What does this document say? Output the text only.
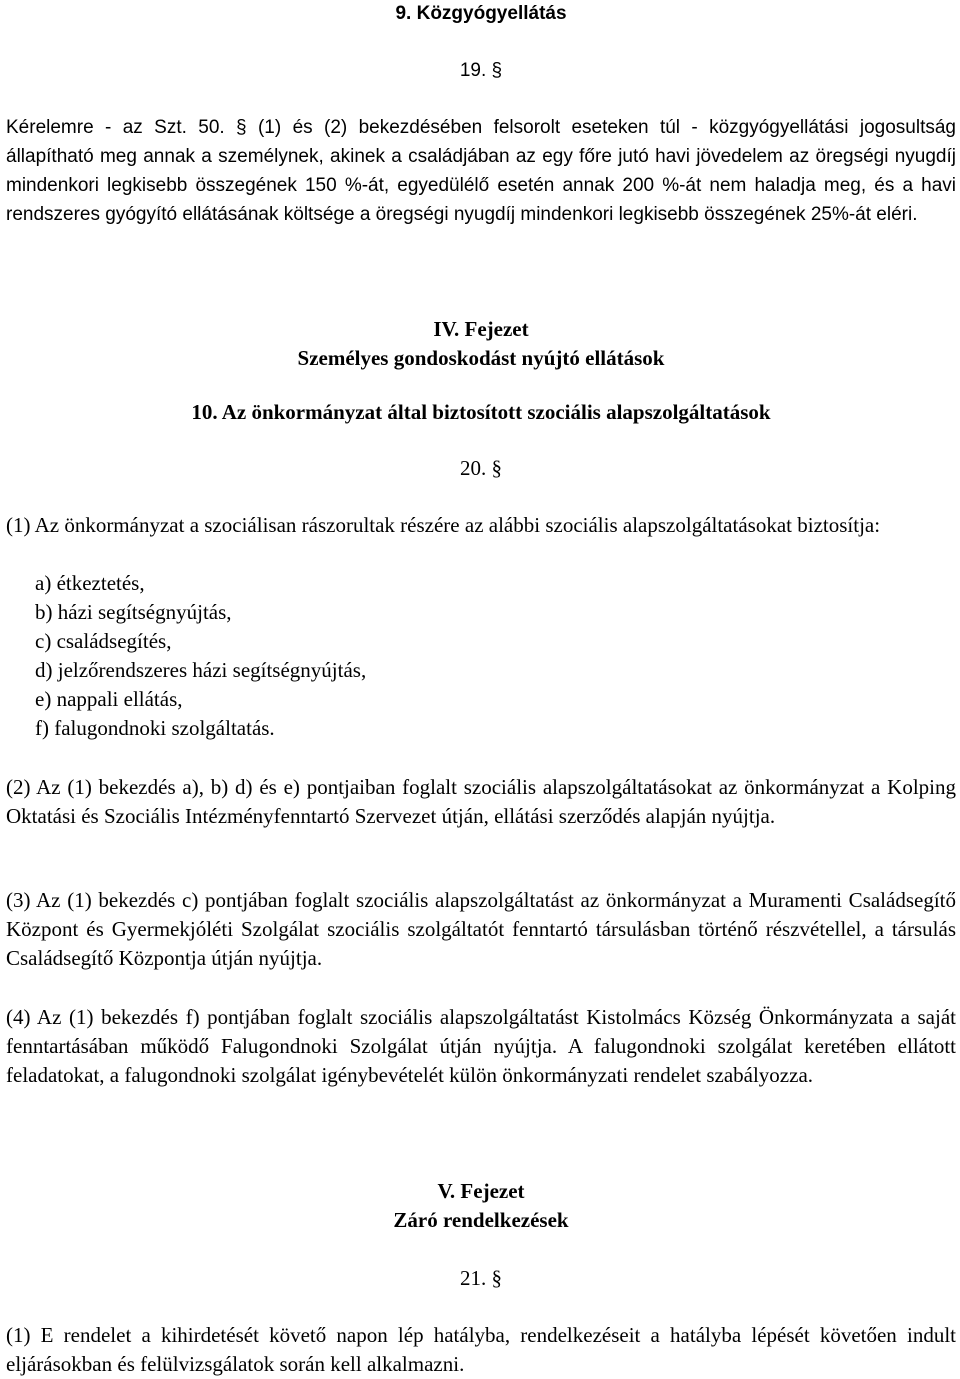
9. Közgyógyellátás
19. §

Kérelemre - az Szt. 50. § (1) és (2) bekezdésében felsorolt eseteken túl - közgyógyellátási jogosultság állapítható meg annak a személynek, akinek a családjában az egy főre jutó havi jövedelem az öregségi nyugdíj mindenkori legkisebb összegének 150 %-át, egyedülélő esetén annak 200 %-át nem haladja meg, és a havi rendszeres gyógyító ellátásának költsége a öregségi nyugdíj mindenkori legkisebb összegének 25%-át eléri.

IV. Fejezet
Személyes gondoskodást nyújtó ellátások
10. Az önkormányzat által biztosított szociális alapszolgáltatások
20. §

(1) Az önkormányzat a szociálisan rászorultak részére az alábbi szociális alapszolgáltatásokat biztosítja:

a) étkeztetés,
b) házi segítségnyújtás,
c) családsegítés,
d) jelzőrendszeres házi segítségnyújtás,
e) nappali ellátás,
f) falugondnoki szolgáltatás.

(2) Az (1) bekezdés a), b) d) és e) pontjaiban foglalt szociális alapszolgáltatásokat az önkormányzat a Kolping Oktatási és Szociális Intézményfenntartó Szervezet útján, ellátási szerződés alapján nyújtja.

(3) Az (1) bekezdés c) pontjában foglalt szociális alapszolgáltatást az önkormányzat a Muramenti Családsegítő Központ és Gyermekjóléti Szolgálat szociális szolgáltatót fenntartó társulásban történő részvétellel, a társulás Családsegítő Központja útján nyújtja.

(4) Az (1) bekezdés f) pontjában foglalt szociális alapszolgáltatást Kistolmács Község Önkormányzata a saját fenntartásában működő Falugondnoki Szolgálat útján nyújtja. A falugondnoki szolgálat keretében ellátott feladatokat, a falugondnoki szolgálat igénybevételét külön önkormányzati rendelet szabályozza.

V. Fejezet
Záró rendelkezések
21. §

(1) E rendelet a kihirdetését követő napon lép hatályba, rendelkezéseit a hatályba lépését követően indult eljárásokban és felülvizsgálatok során kell alkalmazni.
